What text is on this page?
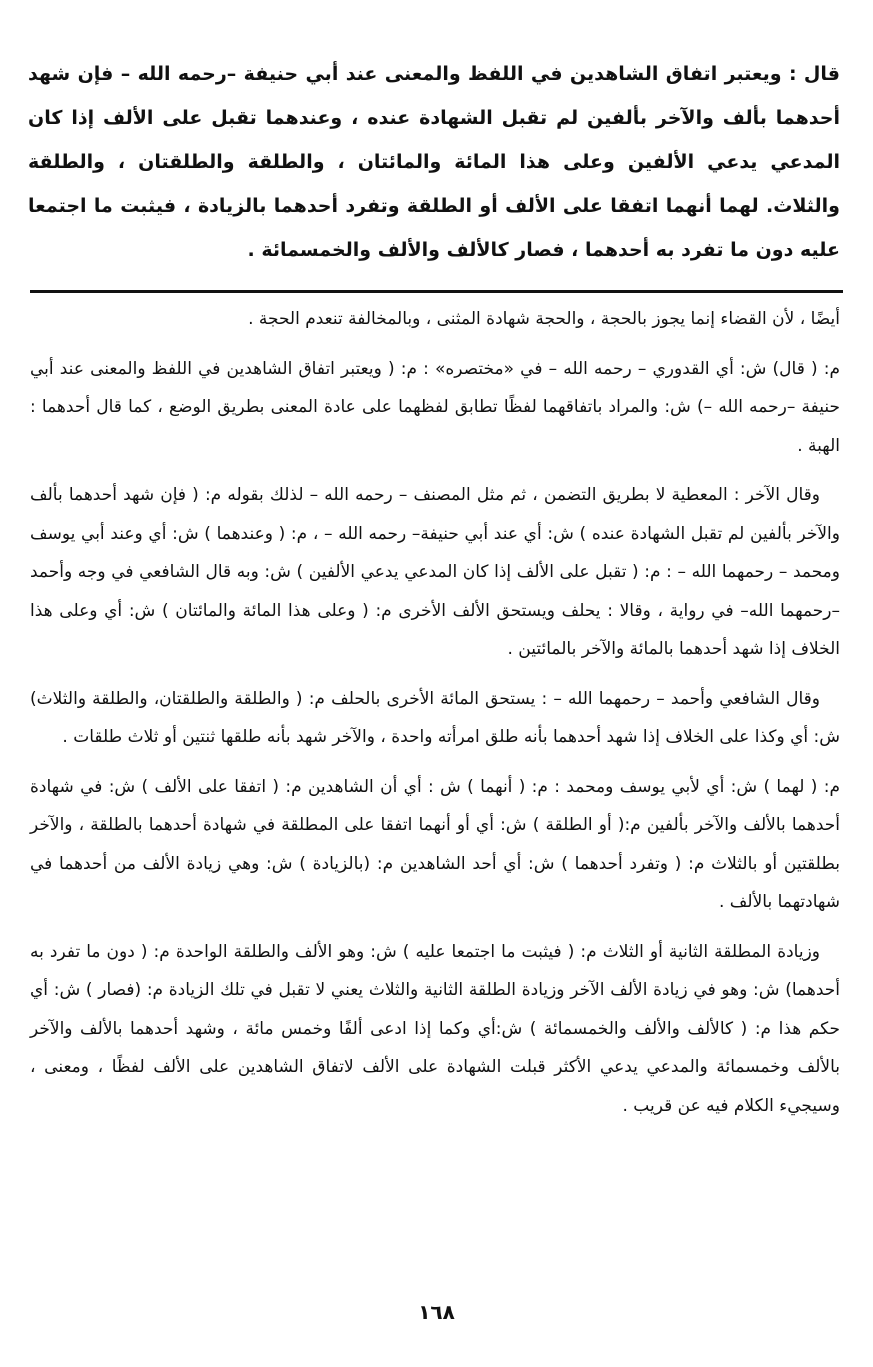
قال : ويعتبر اتفاق الشاهدين في اللفظ والمعنى عند أبي حنيفة –رحمه الله – فإن شهد أحدهما بألف والآخر بألفين لم تقبل الشهادة عنده ، وعندهما تقبل على الألف إذا كان المدعي يدعي الألفين وعلى هذا المائة والمائتان ، والطلقة والطلقتان ، والطلقة والثلاث. لهما أنهما اتفقا على الألف أو الطلقة وتفرد أحدهما بالزيادة ، فيثبت ما اجتمعا عليه دون ما تفرد به أحدهما ، فصار كالألف والألف والخمسمائة .

أيضًا ، لأن القضاء إنما يجوز بالحجة ، والحجة شهادة المثنى ، وبالمخالفة تنعدم الحجة .

م: ( قال) ش: أي القدوري – رحمه الله – في «مختصره» : م: ( ويعتبر اتفاق الشاهدين في اللفظ والمعنى عند أبي حنيفة –رحمه الله –) ش: والمراد باتفاقهما لفظًا تطابق لفظهما على عادة المعنى بطريق الوضع ، كما قال أحدهما : الهبة .

وقال الآخر : المعطية لا بطريق التضمن ، ثم مثل المصنف – رحمه الله – لذلك بقوله م: ( فإن شهد أحدهما بألف والآخر بألفين لم تقبل الشهادة عنده ) ش: أي عند أبي حنيفة– رحمه الله – ، م: ( وعندهما ) ش: أي وعند أبي يوسف ومحمد – رحمهما الله – : م: ( تقبل على الألف إذا كان المدعي يدعي الألفين ) ش: وبه قال الشافعي في وجه وأحمد –رحمهما الله– في رواية ، وقالا : يحلف ويستحق الألف الأخرى م: ( وعلى هذا المائة والمائتان ) ش: أي وعلى هذا الخلاف إذا شهد أحدهما بالمائة والآخر بالمائتين .

وقال الشافعي وأحمد – رحمهما الله – : يستحق المائة الأخرى بالحلف م: ( والطلقة والطلقتان، والطلقة والثلاث) ش: أي وكذا على الخلاف إذا شهد أحدهما بأنه طلق امرأته واحدة ، والآخر شهد بأنه طلقها ثنتين أو ثلاث طلقات .

م: ( لهما ) ش: أي لأبي يوسف ومحمد : م: ( أنهما ) ش : أي أن الشاهدين م: ( اتفقا على الألف ) ش: في شهادة أحدهما بالألف والآخر بألفين م:( أو الطلقة ) ش: أي أو أنهما اتفقا على المطلقة في شهادة أحدهما بالطلقة ، والآخر بطلقتين أو بالثلاث م: ( وتفرد أحدهما ) ش: أي أحد الشاهدين م: (بالزيادة ) ش: وهي زيادة الألف من أحدهما في شهادتهما بالألف .

وزيادة المطلقة الثانية أو الثلاث م: ( فيثبت ما اجتمعا عليه ) ش: وهو الألف والطلقة الواحدة م: ( دون ما تفرد به أحدهما) ش: وهو في زيادة الألف الآخر وزيادة الطلقة الثانية والثلاث يعني لا تقبل في تلك الزيادة م: (فصار ) ش: أي حكم هذا م: ( كالألف والألف والخمسمائة ) ش:أي وكما إذا ادعى ألفًا وخمس مائة ، وشهد أحدهما بالألف والآخر بالألف وخمسمائة والمدعي يدعي الأكثر قبلت الشهادة على الألف لاتفاق الشاهدين على الألف لفظًا ، ومعنى ، وسيجيء الكلام فيه عن قريب .

١٦٨
